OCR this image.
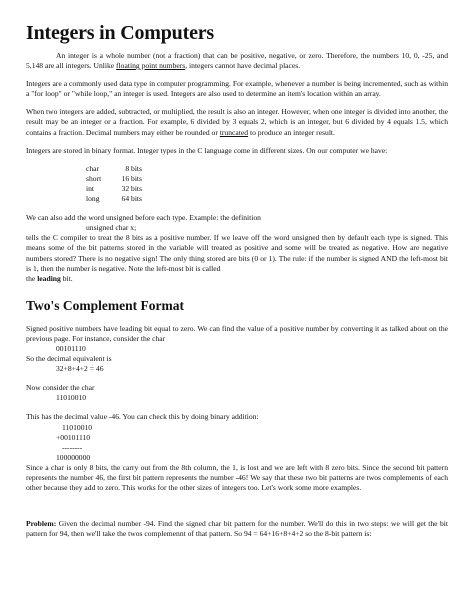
Integers in Computers

An integer is a whole number (not a fraction) that can be positive, negative, or zero. Therefore, the numbers 10, 0, -25, and 5,148 are all integers. Unlike floating point numbers, integers cannot have decimal places.

Integers are a commonly used data type in computer programming. For example, whenever a number is being incremented, such as within a "for loop" or "while loop," an integer is used. Integers are also used to determine an item's location within an array.

When two integers are added, subtracted, or multiplied, the result is also an integer. However, when one integer is divided into another, the result may be an integer or a fraction. For example, 6 divided by 3 equals 2, which is an integer, but 6 divided by 4 equals 1.5, which contains a fraction. Decimal numbers may either be rounded or truncated to produce an integer result.

Integers are stored in binary format. Integer types in the C language come in different sizes. On our computer we have:

char	8 bits
short	16 bits
int	32 bits
long	64 bits
We can also add the word unsigned before each type. Example: the definition
unsigned char x;

tells the C compiler to treat the 8 bits as a positive number. If we leave off the word unsigned then by default each type is signed. This means some of the bit patterns stored in the variable will treated as positive and some will be treated as negative. How are negative numbers stored? There is no negative sign! The only thing stored are bits (0 or 1). The rule: if the number is signed AND the left-most bit is 1, then the number is negative. Note the left-most bit is called

the leading bit.
Two's Complement Format

Signed positive numbers have leading bit equal to zero. We can find the value of a positive number by converting it as talked about on the previous page. For instance, consider the char

00101110
So the decimal equivalent is
32+8+4+2 = 46
Now consider the char
11010010
This has the decimal value -46. You can check this by doing binary addition:
11010010
+00101110
--------
100000000

Since a char is only 8 bits, the carry out from the 8th column, the 1, is lost and we are left with 8 zero bits. Since the second bit pattern represents the number 46, the first bit pattern represents the number -46! We say that these two bit patterns are twos complements of each other because they add to zero. This works for the other sizes of integers too. Let's work some more examples.

Problem: Given the decimal number -94. Find the signed char bit pattern for the number. We'll do this in two steps: we will get the bit pattern for 94, then we'll take the twos complemennt of that pattern. So 94 = 64+16+8+4+2 so the 8-bit pattern is:
